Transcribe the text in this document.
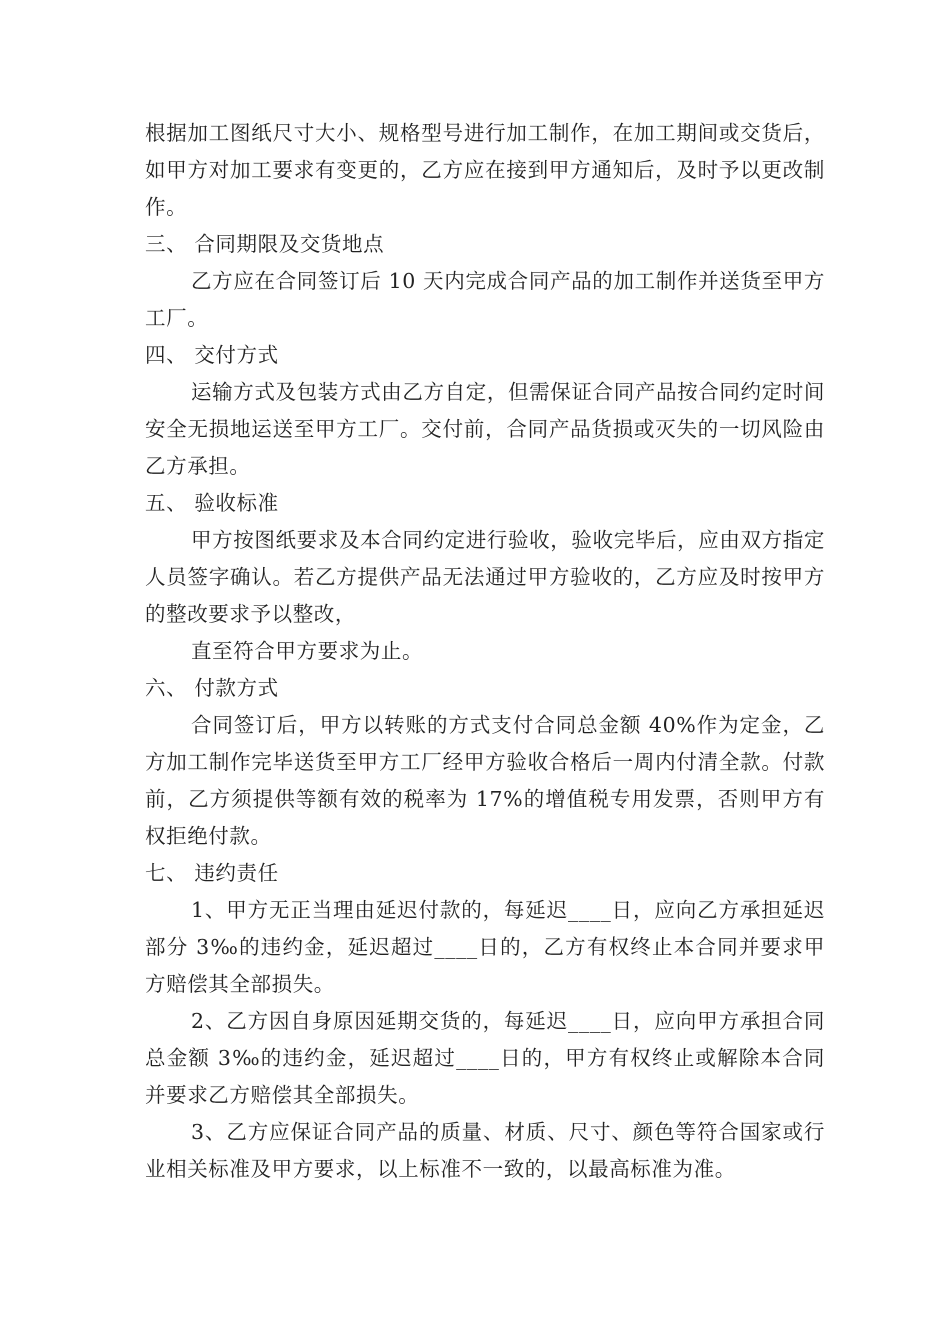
根据加工图纸尺寸大小、规格型号进行加工制作，在加工期间或交货后，如甲方对加工要求有变更的，乙方应在接到甲方通知后，及时予以更改制作。

三、 合同期限及交货地点

乙方应在合同签订后 10 天内完成合同产品的加工制作并送货至甲方工厂。

四、 交付方式

运输方式及包装方式由乙方自定，但需保证合同产品按合同约定时间安全无损地运送至甲方工厂。交付前，合同产品货损或灭失的一切风险由乙方承担。

五、 验收标准

甲方按图纸要求及本合同约定进行验收，验收完毕后，应由双方指定人员签字确认。若乙方提供产品无法通过甲方验收的，乙方应及时按甲方的整改要求予以整改，

直至符合甲方要求为止。

六、 付款方式

合同签订后，甲方以转账的方式支付合同总金额 40%作为定金，乙方加工制作完毕送货至甲方工厂经甲方验收合格后一周内付清全款。付款前，乙方须提供等额有效的税率为 17%的增值税专用发票，否则甲方有权拒绝付款。

七、 违约责任

1、甲方无正当理由延迟付款的，每延迟____日，应向乙方承担延迟部分 3‰的违约金，延迟超过____日的，乙方有权终止本合同并要求甲方赔偿其全部损失。

2、乙方因自身原因延期交货的，每延迟____日，应向甲方承担合同总金额 3‰的违约金，延迟超过____日的，甲方有权终止或解除本合同并要求乙方赔偿其全部损失。

3、乙方应保证合同产品的质量、材质、尺寸、颜色等符合国家或行业相关标准及甲方要求，以上标准不一致的，以最高标准为准。
